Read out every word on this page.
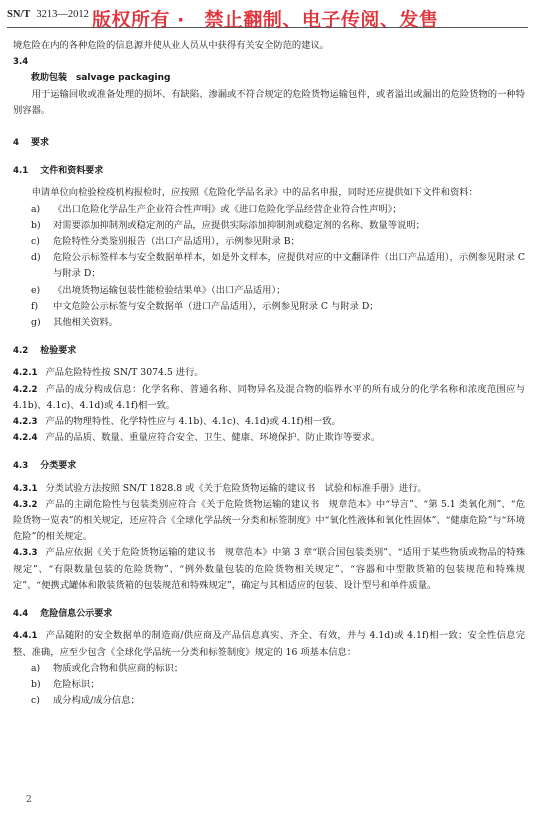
SN/T 3213—2012 版权所有 ·　禁止翻制、电子传阅、发售

境危险在内的各种危险的信息源并使从业人员从中获得有关安全防范的建议。

3.4

救助包装　salvage packaging

用于运输回收或准备处理的损坏、有缺陷、渗漏或不符合规定的危险货物运输包件，或者溢出或漏出的危险货物的一种特别容器。

4 要求

4.1 文件和资料要求

申请单位向检验检疫机构报检时，应按照《危险化学品名录》中的品名申报，同时还应提供如下文件和资料：

a)	《出口危险化学品生产企业符合性声明》或《进口危险化学品经营企业符合性声明》；
b)	对需要添加抑制剂或稳定剂的产品，应提供实际添加抑制剂或稳定剂的名称、数量等说明；
c)	危险特性分类鉴别报告（出口产品适用），示例参见附录 B；
d)	危险公示标签样本与安全数据单样本，如是外文样本，应提供对应的中文翻译件（出口产品适用），示例参见附录 C 与附录 D；
e)	《出境货物运输包装性能检验结果单》（出口产品适用）；
f)	中文危险公示标签与安全数据单（进口产品适用），示例参见附录 C 与附录 D；
g)	其他相关资料。

4.2 检验要求

4.2.1 产品危险特性按 SN/T 3074.5 进行。

4.2.2 产品的成分构成信息：化学名称、普通名称、同物异名及混合物的临界水平的所有成分的化学名称和浓度范围应与 4.1b)、4.1c)、4.1d)或 4.1f)相一致。

4.2.3 产品的物理特性、化学特性应与 4.1b)、4.1c)、4.1d)或 4.1f)相一致。

4.2.4 产品的品质、数量、重量应符合安全、卫生、健康、环境保护、防止欺诈等要求。

4.3 分类要求

4.3.1 分类试验方法按照 SN/T 1828.8 或《关于危险货物运输的建议书　试验和标准手册》进行。

4.3.2 产品的主副危险性与包装类别应符合《关于危险货物运输的建议书　规章范本》中“导言”、“第 5.1 类氧化剂”、“危险货物一览表”的相关规定，还应符合《全球化学品统一分类和标签制度》中“氧化性液体和氧化性固体”、“健康危险”与“环境危险”的相关规定。

4.3.3 产品应依据《关于危险货物运输的建议书　规章范本》中第 3 章“联合国包装类别”、“适用于某些物质或物品的特殊规定”、“有限数量包装的危险货物”、“例外数量包装的危险货物相关规定”、“容器和中型散货箱的包装规范和特殊规定”、“便携式罐体和散装货箱的包装规范和特殊规定”，确定与其相适应的包装、设计型号和单件质量。

4.4 危险信息公示要求

4.4.1 产品随附的安全数据单的制造商/供应商及产品信息真实、齐全、有效，并与 4.1d)或 4.1f)相一致；安全性信息完整、准确，应至少包含《全球化学品统一分类和标签制度》规定的 16 项基本信息：

a)	物质或化合物和供应商的标识；
b)	危险标识；
c)	成分构成/成分信息；
2
